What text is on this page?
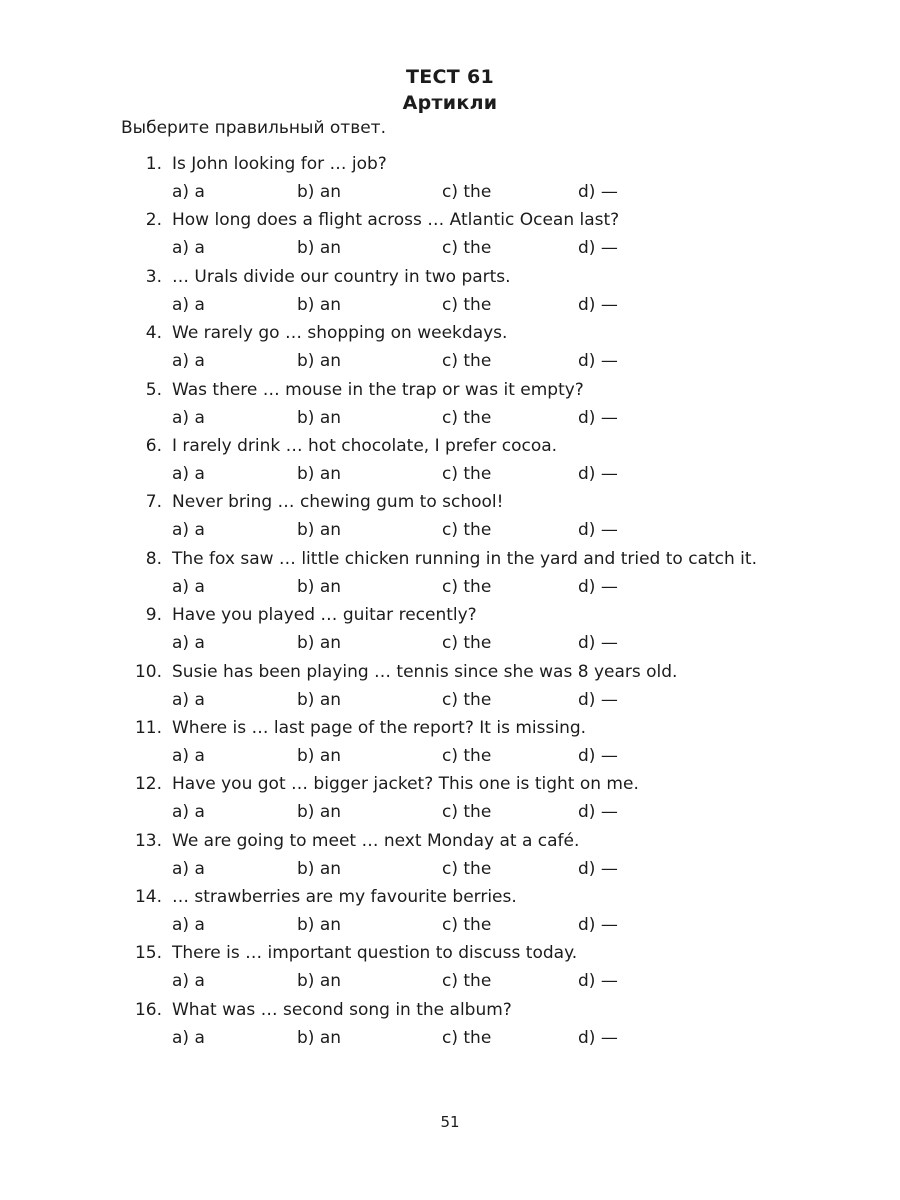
ТЕСТ 61
Артикли
Выберите правильный ответ.
1. Is John looking for … job?
a) a	b) an	c) the	d) —
2. How long does a flight across … Atlantic Ocean last?
a) a	b) an	c) the	d) —
3. … Urals divide our country in two parts.
a) a	b) an	c) the	d) —
4. We rarely go … shopping on weekdays.
a) a	b) an	c) the	d) —
5. Was there … mouse in the trap or was it empty?
a) a	b) an	c) the	d) —
6. I rarely drink … hot chocolate, I prefer cocoa.
a) a	b) an	c) the	d) —
7. Never bring … chewing gum to school!
a) a	b) an	c) the	d) —
8. The fox saw … little chicken running in the yard and tried to catch it.
a) a	b) an	c) the	d) —
9. Have you played … guitar recently?
a) a	b) an	c) the	d) —
10. Susie has been playing … tennis since she was 8 years old.
a) a	b) an	c) the	d) —
11. Where is … last page of the report? It is missing.
a) a	b) an	c) the	d) —
12. Have you got … bigger jacket? This one is tight on me.
a) a	b) an	c) the	d) —
13. We are going to meet … next Monday at a café.
a) a	b) an	c) the	d) —
14. … strawberries are my favourite berries.
a) a	b) an	c) the	d) —
15. There is … important question to discuss today.
a) a	b) an	c) the	d) —
16. What was … second song in the album?
a) a	b) an	c) the	d) —
51
